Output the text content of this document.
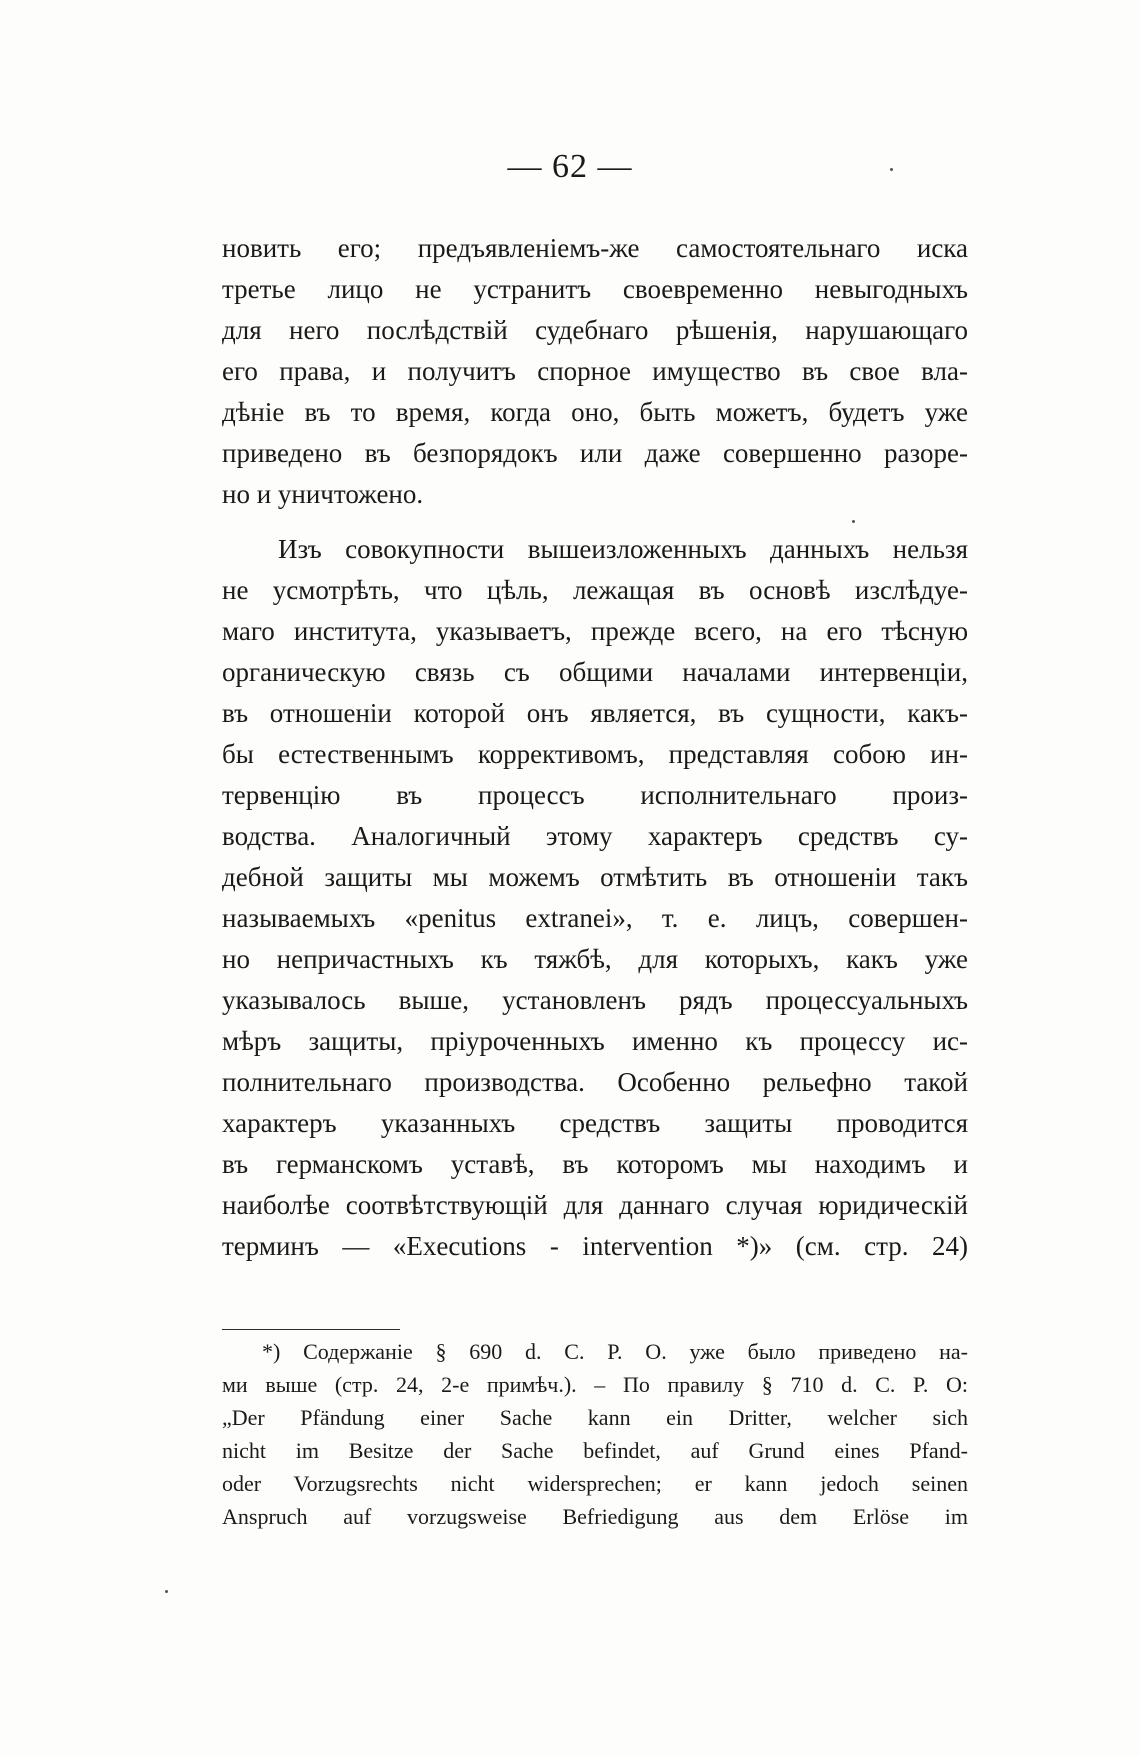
— 62 —
новить его; предъявленіемъ-же самостоятельнаго иска
третье лицо не устранитъ своевременно невыгодныхъ
для него послѣдствій судебнаго рѣшенія, нарушающаго
его права, и получитъ спорное имущество въ свое вла-
дѣніе въ то время, когда оно, быть можетъ, будетъ уже
приведено въ безпорядокъ или даже совершенно разоре-
но и уничтожено.
Изъ совокупности вышеизложенныхъ данныхъ нельзя
не усмотрѣть, что цѣль, лежащая въ основѣ изслѣдуе-
маго института, указываетъ, прежде всего, на его тѣсную
органическую связь съ общими началами интервенціи,
въ отношеніи которой онъ является, въ сущности, какъ-
бы естественнымъ коррективомъ, представляя собою ин-
тервенцію въ процессъ исполнительнаго произ-
водства. Аналогичный этому характеръ средствъ су-
дебной защиты мы можемъ отмѣтить въ отношеніи такъ
называемыхъ «penitus extranei», т. е. лицъ, совершен-
но непричастныхъ къ тяжбѣ, для которыхъ, какъ уже
указывалось выше, установленъ рядъ процессуальныхъ
мѣръ защиты, пріуроченныхъ именно къ процессу ис-
полнительнаго производства. Особенно рельефно такой
характеръ указанныхъ средствъ защиты проводится
въ германскомъ уставѣ, въ которомъ мы находимъ и
наиболѣе соотвѣтствующій для даннаго случая юридическій
терминъ — «Executions - intervention *)» (см. стр. 24)
*) Содержаніе § 690 d. C. P. O. уже было приведено на-
ми выше (стр. 24, 2-е примѣч.). – По правилу § 710 d. C. P. O:
„Der Pfändung einer Sache kann ein Dritter, welcher sich
nicht im Besitze der Sache befindet, auf Grund eines Pfand-
oder Vorzugsrechts nicht widersprechen; er kann jedoch seinen
Anspruch auf vorzugsweise Befriedigung aus dem Erlöse im
